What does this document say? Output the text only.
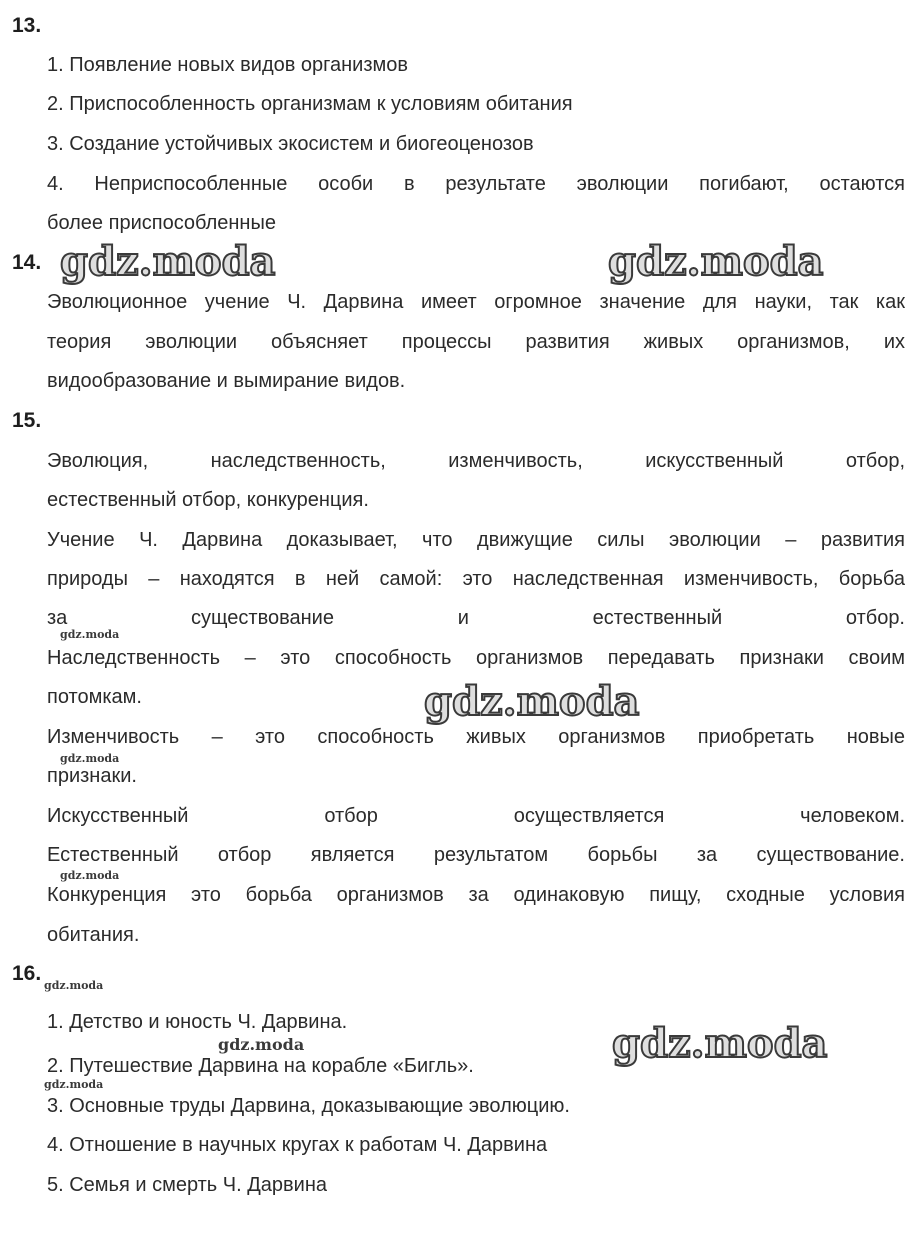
13.
1. Появление новых видов организмов
2. Приспособленность организмам к условиям обитания
3. Создание устойчивых экосистем и биогеоценозов
4. Неприспособленные особи в результате эволюции погибают, остаются
более приспособленные
14.
Эволюционное учение Ч. Дарвина имеет огромное значение для науки, так как
теория эволюции объясняет процессы развития живых организмов, их
видообразование и вымирание видов.
15.
Эволюция, наследственность, изменчивость, искусственный отбор,
естественный отбор, конкуренция.
Учение Ч. Дарвина доказывает, что движущие силы эволюции – развития
природы – находятся в ней самой: это наследственная изменчивость, борьба
за существование и естественный отбор.
Наследственность – это способность организмов передавать признаки своим
потомкам.
Изменчивость – это способность живых организмов приобретать новые
признаки.
Искусственный отбор осуществляется человеком.
Естественный отбор является результатом борьбы за существование.
Конкуренция это борьба организмов за одинаковую пищу, сходные условия
обитания.
16.
1. Детство и юность Ч. Дарвина.
2. Путешествие Дарвина на корабле «Бигль».
3. Основные труды Дарвина, доказывающие эволюцию.
4. Отношение в научных кругах к работам Ч. Дарвина
5. Семья и смерть Ч. Дарвина
gdz.moda	gdz.moda
gdz.moda
gdz.moda
gdz.moda
gdz.moda
gdz.moda
gdz.moda
gdz.moda
gdz.moda
